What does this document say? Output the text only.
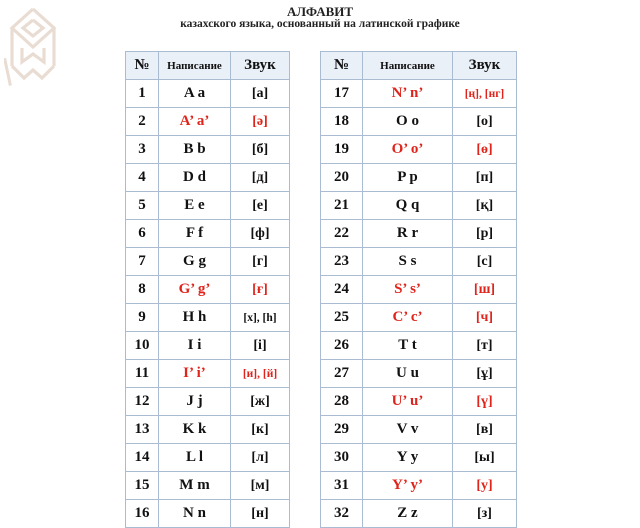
АЛФАВИТ
казахского языка, основанный на латинской графике
№	Написание	Звук
1	A a	[а]
2	A’ a’	[ə]
3	B b	[б]
4	D d	[д]
5	E e	[е]
6	F f	[ф]
7	G g	[г]
8	G’ g’	[ғ]
9	H h	[х], [h]
10	I i	[і]
11	I’ i’	[и], [й]
12	J j	[ж]
13	K k	[к]
14	L l	[л]
15	M m	[м]
16	N n	[н]
№	Написание	Звук
17	N’ n’	[ң], [нг]
18	O o	[о]
19	O’ o’	[ө]
20	P p	[п]
21	Q q	[қ]
22	R r	[р]
23	S s	[с]
24	S’ s’	[ш]
25	C’ c’	[ч]
26	T t	[т]
27	U u	[ұ]
28	U’ u’	[ү]
29	V v	[в]
30	Y y	[ы]
31	Y’ y’	[у]
32	Z z	[з]
